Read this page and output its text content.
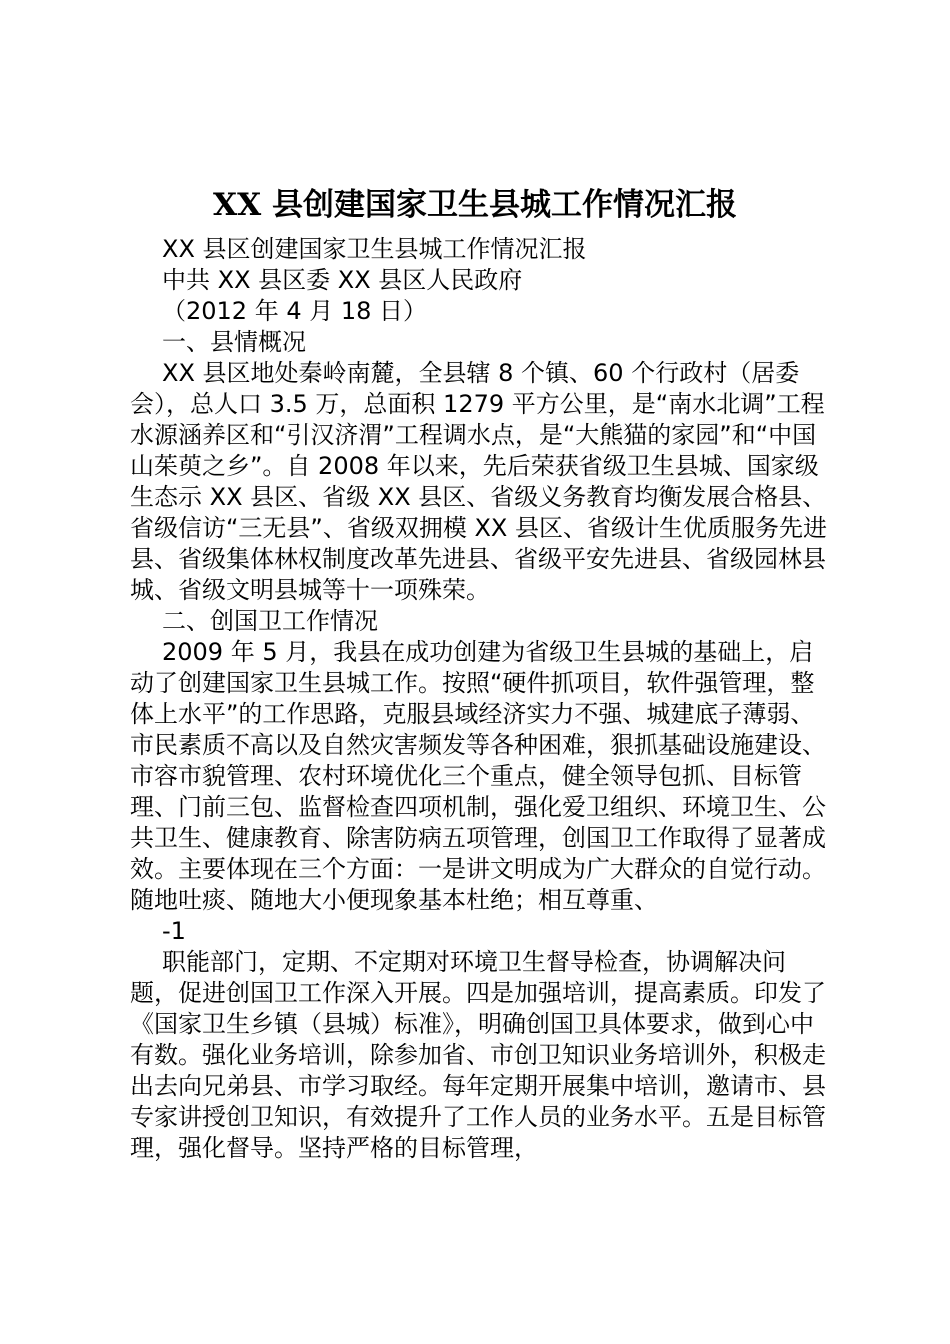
XX 县创建国家卫生县城工作情况汇报

XX 县区创建国家卫生县城工作情况汇报

中共 XX 县区委 XX 县区人民政府

（2012 年 4 月 18 日）

一、县情概况

XX 县区地处秦岭南麓，全县辖 8 个镇、60 个行政村（居委会），总人口 3.5 万，总面积 1279 平方公里，是“南水北调”工程水源涵养区和“引汉济渭”工程调水点，是“大熊猫的家园”和“中国山茱萸之乡”。自 2008 年以来，先后荣获省级卫生县城、国家级生态示 XX 县区、省级 XX 县区、省级义务教育均衡发展合格县、省级信访“三无县”、省级双拥模 XX 县区、省级计生优质服务先进县、省级集体林权制度改革先进县、省级平安先进县、省级园林县城、省级文明县城等十一项殊荣。

二、创国卫工作情况

2009 年 5 月，我县在成功创建为省级卫生县城的基础上，启动了创建国家卫生县城工作。按照“硬件抓项目，软件强管理，整体上水平”的工作思路，克服县域经济实力不强、城建底子薄弱、市民素质不高以及自然灾害频发等各种困难，狠抓基础设施建设、市容市貌管理、农村环境优化三个重点，健全领导包抓、目标管理、门前三包、监督检查四项机制，强化爱卫组织、环境卫生、公共卫生、健康教育、除害防病五项管理，创国卫工作取得了显著成效。主要体现在三个方面：一是讲文明成为广大群众的自觉行动。随地吐痰、随地大小便现象基本杜绝；相互尊重、

-1

职能部门，定期、不定期对环境卫生督导检查，协调解决问题，促进创国卫工作深入开展。四是加强培训，提高素质。印发了《国家卫生乡镇（县城）标准》，明确创国卫具体要求，做到心中有数。强化业务培训，除参加省、市创卫知识业务培训外，积极走出去向兄弟县、市学习取经。每年定期开展集中培训，邀请市、县专家讲授创卫知识，有效提升了工作人员的业务水平。五是目标管理，强化督导。坚持严格的目标管理，
